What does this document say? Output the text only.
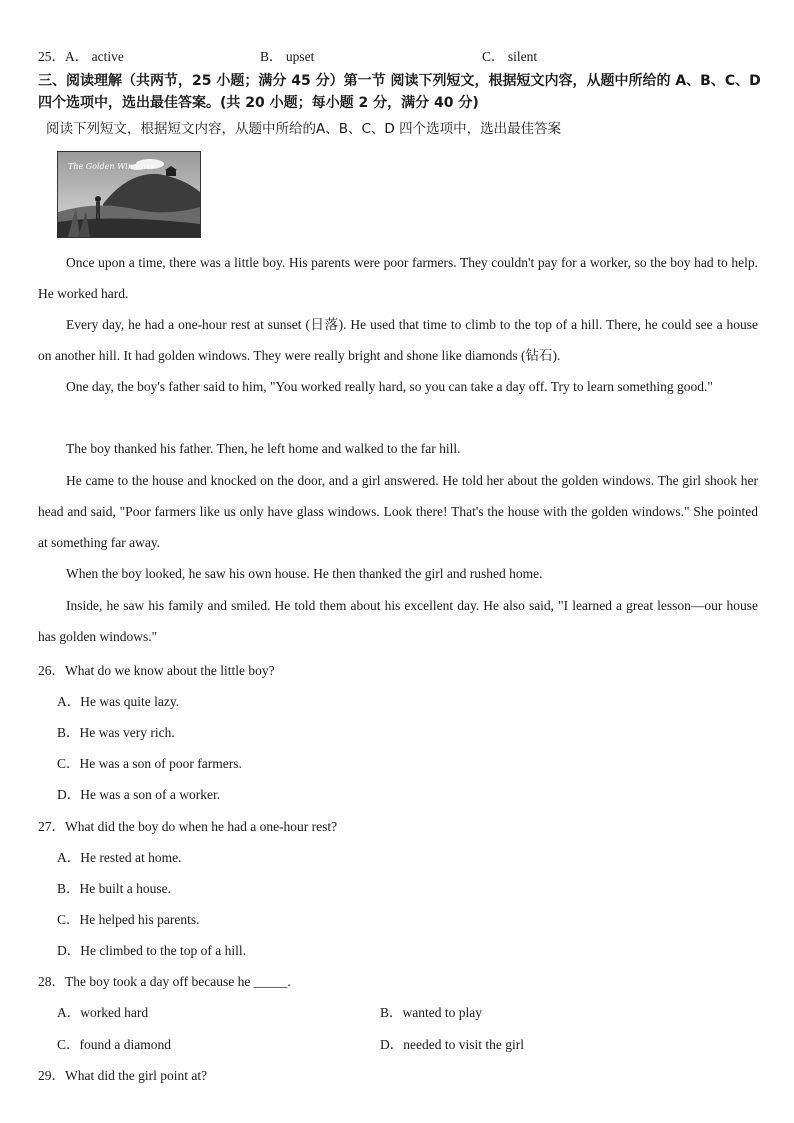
25．A． active	B． upset	C． silent
三、阅读理解（共两节，25 小题；满分 45 分）第一节 阅读下列短文，根据短文内容，从题中所给的 A、B、C、D 四个选项中，选出最佳答案。(共 20 小题；每小题 2 分，满分 40 分)
阅读下列短文，根据短文内容，从题中所给的A、B、C、D 四个选项中，选出最佳答案
The Golden Windows
Once upon a time, there was a little boy. His parents were poor farmers. They couldn't pay for a worker, so the boy had to help. He worked hard.
Every day, he had a one-hour rest at sunset (日落). He used that time to climb to the top of a hill. There, he could see a house on another hill. It had golden windows. They were really bright and shone like diamonds (钻石).
One day, the boy's father said to him, "You worked really hard, so you can take a day off. Try to learn something good."
The boy thanked his father. Then, he left home and walked to the far hill.
He came to the house and knocked on the door, and a girl answered. He told her about the golden windows. The girl shook her head and said, "Poor farmers like us only have glass windows. Look there! That's the house with the golden windows." She pointed at something far away.
When the boy looked, he saw his own house. He then thanked the girl and rushed home.
Inside, he saw his family and smiled. He told them about his excellent day. He also said, "I learned a great lesson—our house has golden windows."
26．What do we know about the little boy?
A．He was quite lazy.
B．He was very rich.
C．He was a son of poor farmers.
D．He was a son of a worker.
27．What did the boy do when he had a one-hour rest?
A．He rested at home.
B．He built a house.
C．He helped his parents.
D．He climbed to the top of a hill.
28．The boy took a day off because he _____.
A．worked hard	B．wanted to play
C．found a diamond	D．needed to visit the girl
29．What did the girl point at?
